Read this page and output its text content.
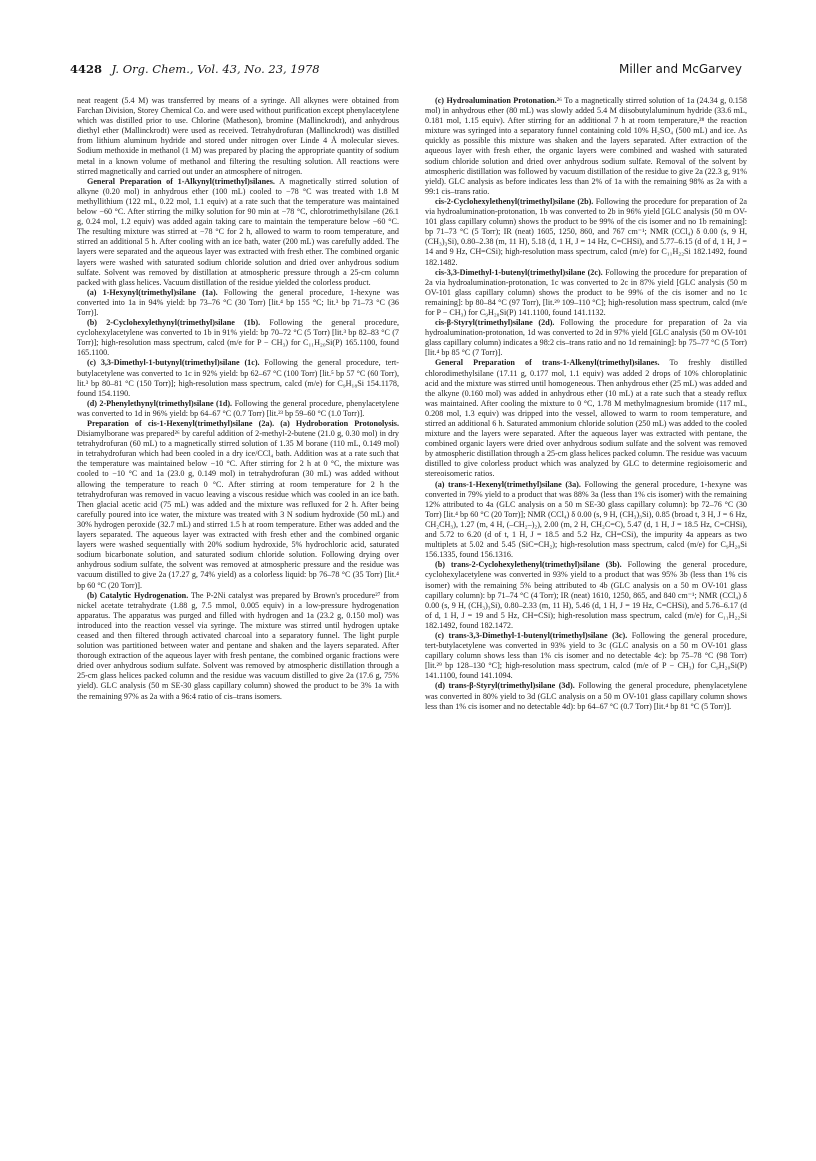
4428 J. Org. Chem., Vol. 43, No. 23, 1978	Miller and McGarvey

neat reagent (5.4 M) was transferred by means of a syringe. All alkynes were obtained from Farchan Division, Storey Chemical Co. and were used without purification except phenylacetylene which was distilled prior to use. Chlorine (Matheson), bromine (Mallinckrodt), and anhydrous diethyl ether (Mallinckrodt) were used as received. Tetrahydrofuran (Mallinckrodt) was distilled from lithium aluminum hydride and stored under nitrogen over Linde 4 Å molecular sieves. Sodium methoxide in methanol (1 M) was prepared by placing the appropriate quantity of sodium metal in a known volume of methanol and filtering the resulting solution. All reactions were stirred magnetically and carried out under an atmosphere of nitrogen.

General Preparation of 1-Alkynyl(trimethyl)silanes. A magnetically stirred solution of alkyne (0.20 mol) in anhydrous ether (100 mL) cooled to −78 °C was treated with 1.8 M methyllithium (122 mL, 0.22 mol, 1.1 equiv) at a rate such that the temperature was maintained below −60 °C. After stirring the milky solution for 90 min at −78 °C, chlorotrimethylsilane (26.1 g, 0.24 mol, 1.2 equiv) was added again taking care to maintain the temperature below −60 °C. The resulting mixture was stirred at −78 °C for 2 h, allowed to warm to room temperature, and stirred an additional 5 h. After cooling with an ice bath, water (200 mL) was carefully added. The layers were separated and the aqueous layer was extracted with fresh ether. The combined organic layers were washed with saturated sodium chloride solution and dried over anhydrous sodium sulfate. Solvent was removed by distillation at atmospheric pressure through a 25-cm column packed with glass helices. Vacuum distillation of the residue yielded the colorless product.

(a) 1-Hexynyl(trimethyl)silane (1a). Following the general procedure, 1-hexyne was converted into 1a in 94% yield: bp 73–76 °C (30 Torr) [lit.⁴ bp 155 °C; lit.³ bp 71–73 °C (36 Torr)].

(b) 2-Cyclohexylethynyl(trimethyl)silane (1b). Following the general procedure, cyclohexylacetylene was converted to 1b in 91% yield: bp 70–72 °C (5 Torr) [lit.³ bp 82–83 °C (7 Torr)]; high-resolution mass spectrum, calcd (m/e for P − CH₃) for C₁₁H₂₀Si(P) 165.1100, found 165.1100.

(c) 3,3-Dimethyl-1-butynyl(trimethyl)silane (1c). Following the general procedure, tert-butylacetylene was converted to 1c in 92% yield: bp 62–67 °C (100 Torr) [lit.⁵ bp 57 °C (60 Torr), lit.³ bp 80–81 °C (150 Torr)]; high-resolution mass spectrum, calcd (m/e) for C₉H₁₈Si 154.1178, found 154.1190.

(d) 2-Phenylethynyl(trimethyl)silane (1d). Following the general procedure, phenylacetylene was converted to 1d in 96% yield: bp 64–67 °C (0.7 Torr) [lit.²³ bp 59–60 °C (1.0 Torr)].

Preparation of cis-1-Hexenyl(trimethyl)silane (2a). (a) Hydroboration Protonolysis. Disiamylborane was prepared²⁶ by careful addition of 2-methyl-2-butene (21.0 g, 0.30 mol) in dry tetrahydrofuran (60 mL) to a magnetically stirred solution of 1.35 M borane (110 mL, 0.149 mol) in tetrahydrofuran which had been cooled in a dry ice/CCl₄ bath. Addition was at a rate such that the temperature was maintained below −10 °C. After stirring for 2 h at 0 °C, the mixture was cooled to −10 °C and 1a (23.0 g, 0.149 mol) in tetrahydrofuran (30 mL) was added without allowing the temperature to reach 0 °C. After stirring at room temperature for 2 h the tetrahydrofuran was removed in vacuo leaving a viscous residue which was cooled in an ice bath. Then glacial acetic acid (75 mL) was added and the mixture was refluxed for 2 h. After being carefully poured into ice water, the mixture was treated with 3 N sodium hydroxide (50 mL) and 30% hydrogen peroxide (32.7 mL) and stirred 1.5 h at room temperature. Ether was added and the layers separated. The aqueous layer was extracted with fresh ether and the combined organic layers were washed sequentially with 20% sodium hydroxide, 5% hydrochloric acid, saturated sodium bicarbonate solution, and saturated sodium chloride solution. Following drying over anhydrous sodium sulfate, the solvent was removed at atmospheric pressure and the residue was vacuum distilled to give 2a (17.27 g, 74% yield) as a colorless liquid: bp 76–78 °C (35 Torr) [lit.⁴ bp 60 °C (20 Torr)].

(b) Catalytic Hydrogenation. The P-2Ni catalyst was prepared by Brown's procedure²⁷ from nickel acetate tetrahydrate (1.88 g, 7.5 mmol, 0.005 equiv) in a low-pressure hydrogenation apparatus. The apparatus was purged and filled with hydrogen and 1a (23.2 g, 0.150 mol) was introduced into the reaction vessel via syringe. The mixture was stirred until hydrogen uptake ceased and then filtered through activated charcoal into a separatory funnel. The light purple solution was partitioned between water and pentane and shaken and the layers separated. After thorough extraction of the aqueous layer with fresh pentane, the combined organic fractions were dried over anhydrous sodium sulfate. Solvent was removed by atmospheric distillation through a 25-cm glass helices packed column and the residue was vacuum distilled to give 2a (17.6 g, 75% yield). GLC analysis (50 m SE-30 glass capillary column) showed the product to be 3% 1a with the remaining 97% as 2a with a 96:4 ratio of cis–trans isomers.

(c) Hydroalumination Protonation.²⁶ To a magnetically stirred solution of 1a (24.34 g, 0.158 mol) in anhydrous ether (80 mL) was slowly added 5.4 M diisobutylaluminum hydride (33.6 mL, 0.181 mol, 1.15 equiv). After stirring for an additional 7 h at room temperature,²⁸ the reaction mixture was syringed into a separatory funnel containing cold 10% H₂SO₄ (500 mL) and ice. As quickly as possible this mixture was shaken and the layers separated. After extraction of the aqueous layer with fresh ether, the organic layers were combined and washed with saturated sodium chloride solution and dried over anhydrous sodium sulfate. Removal of the solvent by atmospheric distillation was followed by vacuum distillation of the residue to give 2a (22.3 g, 91% yield). GLC analysis as before indicates less than 2% of 1a with the remaining 98% as 2a with a 99:1 cis–trans ratio.

cis-2-Cyclohexylethenyl(trimethyl)silane (2b). Following the procedure for preparation of 2a via hydroalumination-protonation, 1b was converted to 2b in 96% yield [GLC analysis (50 m OV-101 glass capillary column) shows the product to be 99% of the cis isomer and no 1b remaining]: bp 71–73 °C (5 Torr); IR (neat) 1605, 1250, 860, and 767 cm⁻¹; NMR (CCl₄) δ 0.00 (s, 9 H, (CH₃)₃Si), 0.80–2.38 (m, 11 H), 5.18 (d, 1 H, J = 14 Hz, C=CHSi), and 5.77–6.15 (d of d, 1 H, J = 14 and 9 Hz, CH=CSi); high-resolution mass spectrum, calcd (m/e) for C₁₁H₂₂Si 182.1492, found 182.1482.

cis-3,3-Dimethyl-1-butenyl(trimethyl)silane (2c). Following the procedure for preparation of 2a via hydroalumination-protonation, 1c was converted to 2c in 87% yield [GLC analysis (50 m OV-101 glass capillary column) shows the product to be 99% of the cis isomer and no 1c remaining]: bp 80–84 °C (97 Torr), [lit.²⁹ 109–110 °C]; high-resolution mass spectrum, calcd (m/e for P − CH₃) for C₉H₂₀Si(P) 141.1100, found 141.1132.

cis-β-Styryl(trimethyl)silane (2d). Following the procedure for preparation of 2a via hydroalumination-protonation, 1d was converted to 2d in 97% yield [GLC analysis (50 m OV-101 glass capillary column) indicates a 98:2 cis–trans ratio and no 1d remaining]: bp 75–77 °C (5 Torr) [lit.⁴ bp 85 °C (7 Torr)].

General Preparation of trans-1-Alkenyl(trimethyl)silanes. To freshly distilled chlorodimethylsilane (17.11 g, 0.177 mol, 1.1 equiv) was added 2 drops of 10% chloroplatinic acid and the mixture was stirred until homogeneous. Then anhydrous ether (25 mL) was added and the alkyne (0.160 mol) was added in anhydrous ether (10 mL) at a rate such that a steady reflux was maintained. After cooling the mixture to 0 °C, 1.78 M methylmagnesium bromide (117 mL, 0.208 mol, 1.3 equiv) was dripped into the vessel, allowed to warm to room temperature, and stirred an additional 6 h. Saturated ammonium chloride solution (250 mL) was added to the cooled mixture and the layers were separated. After the aqueous layer was extracted with pentane, the combined organic layers were dried over anhydrous sodium sulfate and the solvent was removed by atmospheric distillation through a 25-cm glass helices packed column. The residue was vacuum distilled to give colorless product which was analyzed by GLC to determine regioisomeric and stereoisomeric ratios.

(a) trans-1-Hexenyl(trimethyl)silane (3a). Following the general procedure, 1-hexyne was converted in 79% yield to a product that was 88% 3a (less than 1% cis isomer) with the remaining 12% attributed to 4a (GLC analysis on a 50 m SE-30 glass capillary column): bp 72–76 °C (30 Torr) [lit.⁴ bp 60 °C (20 Torr)]; NMR (CCl₄) δ 0.00 (s, 9 H, (CH₃)₃Si), 0.85 (broad t, 3 H, J = 6 Hz, CH₂CH₃), 1.27 (m, 4 H, (–CH₂–)₂), 2.00 (m, 2 H, CH₂C=C), 5.47 (d, 1 H, J = 18.5 Hz, C=CHSi), and 5.72 to 6.20 (d of t, 1 H, J = 18.5 and 5.2 Hz, CH=CSi), the impurity 4a appears as two multiplets at 5.02 and 5.45 (SiC=CH₂); high-resolution mass spectrum, calcd (m/e) for C₉H₂₀Si 156.1335, found 156.1316.

(b) trans-2-Cyclohexylethenyl(trimethyl)silane (3b). Following the general procedure, cyclohexylacetylene was converted in 93% yield to a product that was 95% 3b (less than 1% cis isomer) with the remaining 5% being attributed to 4b (GLC analysis on a 50 m OV-101 glass capillary column): bp 71–74 °C (4 Torr); IR (neat) 1610, 1250, 865, and 840 cm⁻¹; NMR (CCl₄) δ 0.00 (s, 9 H, (CH₃)₃Si), 0.80–2.33 (m, 11 H), 5.46 (d, 1 H, J = 19 Hz, C=CHSi), and 5.76–6.17 (d of d, 1 H, J = 19 and 5 Hz, CH=CSi); high-resolution mass spectrum, calcd (m/e) for C₁₁H₂₂Si 182.1492, found 182.1472.

(c) trans-3,3-Dimethyl-1-butenyl(trimethyl)silane (3c). Following the general procedure, tert-butylacetylene was converted in 93% yield to 3c (GLC analysis on a 50 m OV-101 glass capillary column shows less than 1% cis isomer and no detectable 4c): bp 75–78 °C (98 Torr) [lit.²⁹ bp 128–130 °C]; high-resolution mass spectrum, calcd (m/e of P − CH₃) for C₉H₂₀Si(P) 141.1100, found 141.1094.

(d) trans-β-Styryl(trimethyl)silane (3d). Following the general procedure, phenylacetylene was converted in 80% yield to 3d (GLC analysis on a 50 m OV-101 glass capillary column shows less than 1% cis isomer and no detectable 4d): bp 64–67 °C (0.7 Torr) [lit.⁴ bp 81 °C (5 Torr)].
